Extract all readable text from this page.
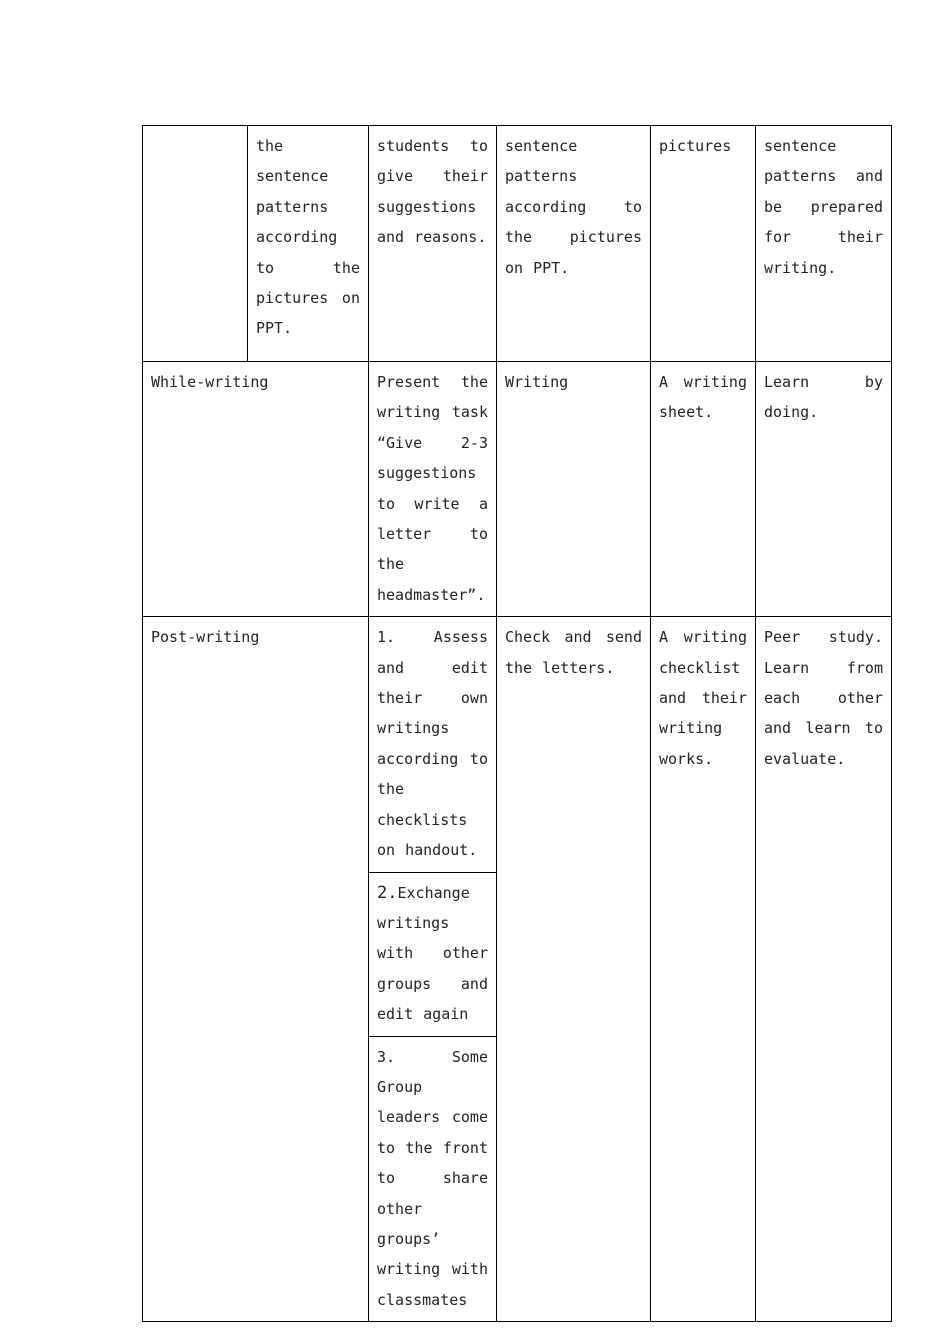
	the sentence patterns according to the pictures on PPT.	students to give their suggestions and reasons.	sentence patterns according to the pictures on PPT.	pictures	sentence patterns and be prepared for their writing.
While-writing		Present the writing task “Give 2-3 suggestions to write a letter to the headmaster”.	Writing	A writing sheet.	Learn by doing.
Post-writing		1. Assess and edit their own writings according to the checklists on handout.	Check and send the letters.	A writing checklist and their writing works.	Peer study. Learn from each other and learn to evaluate.
		2.Exchange writings with other groups and edit again			
		3. Some Group leaders come to the front to share other groups’ writing with classmates			
